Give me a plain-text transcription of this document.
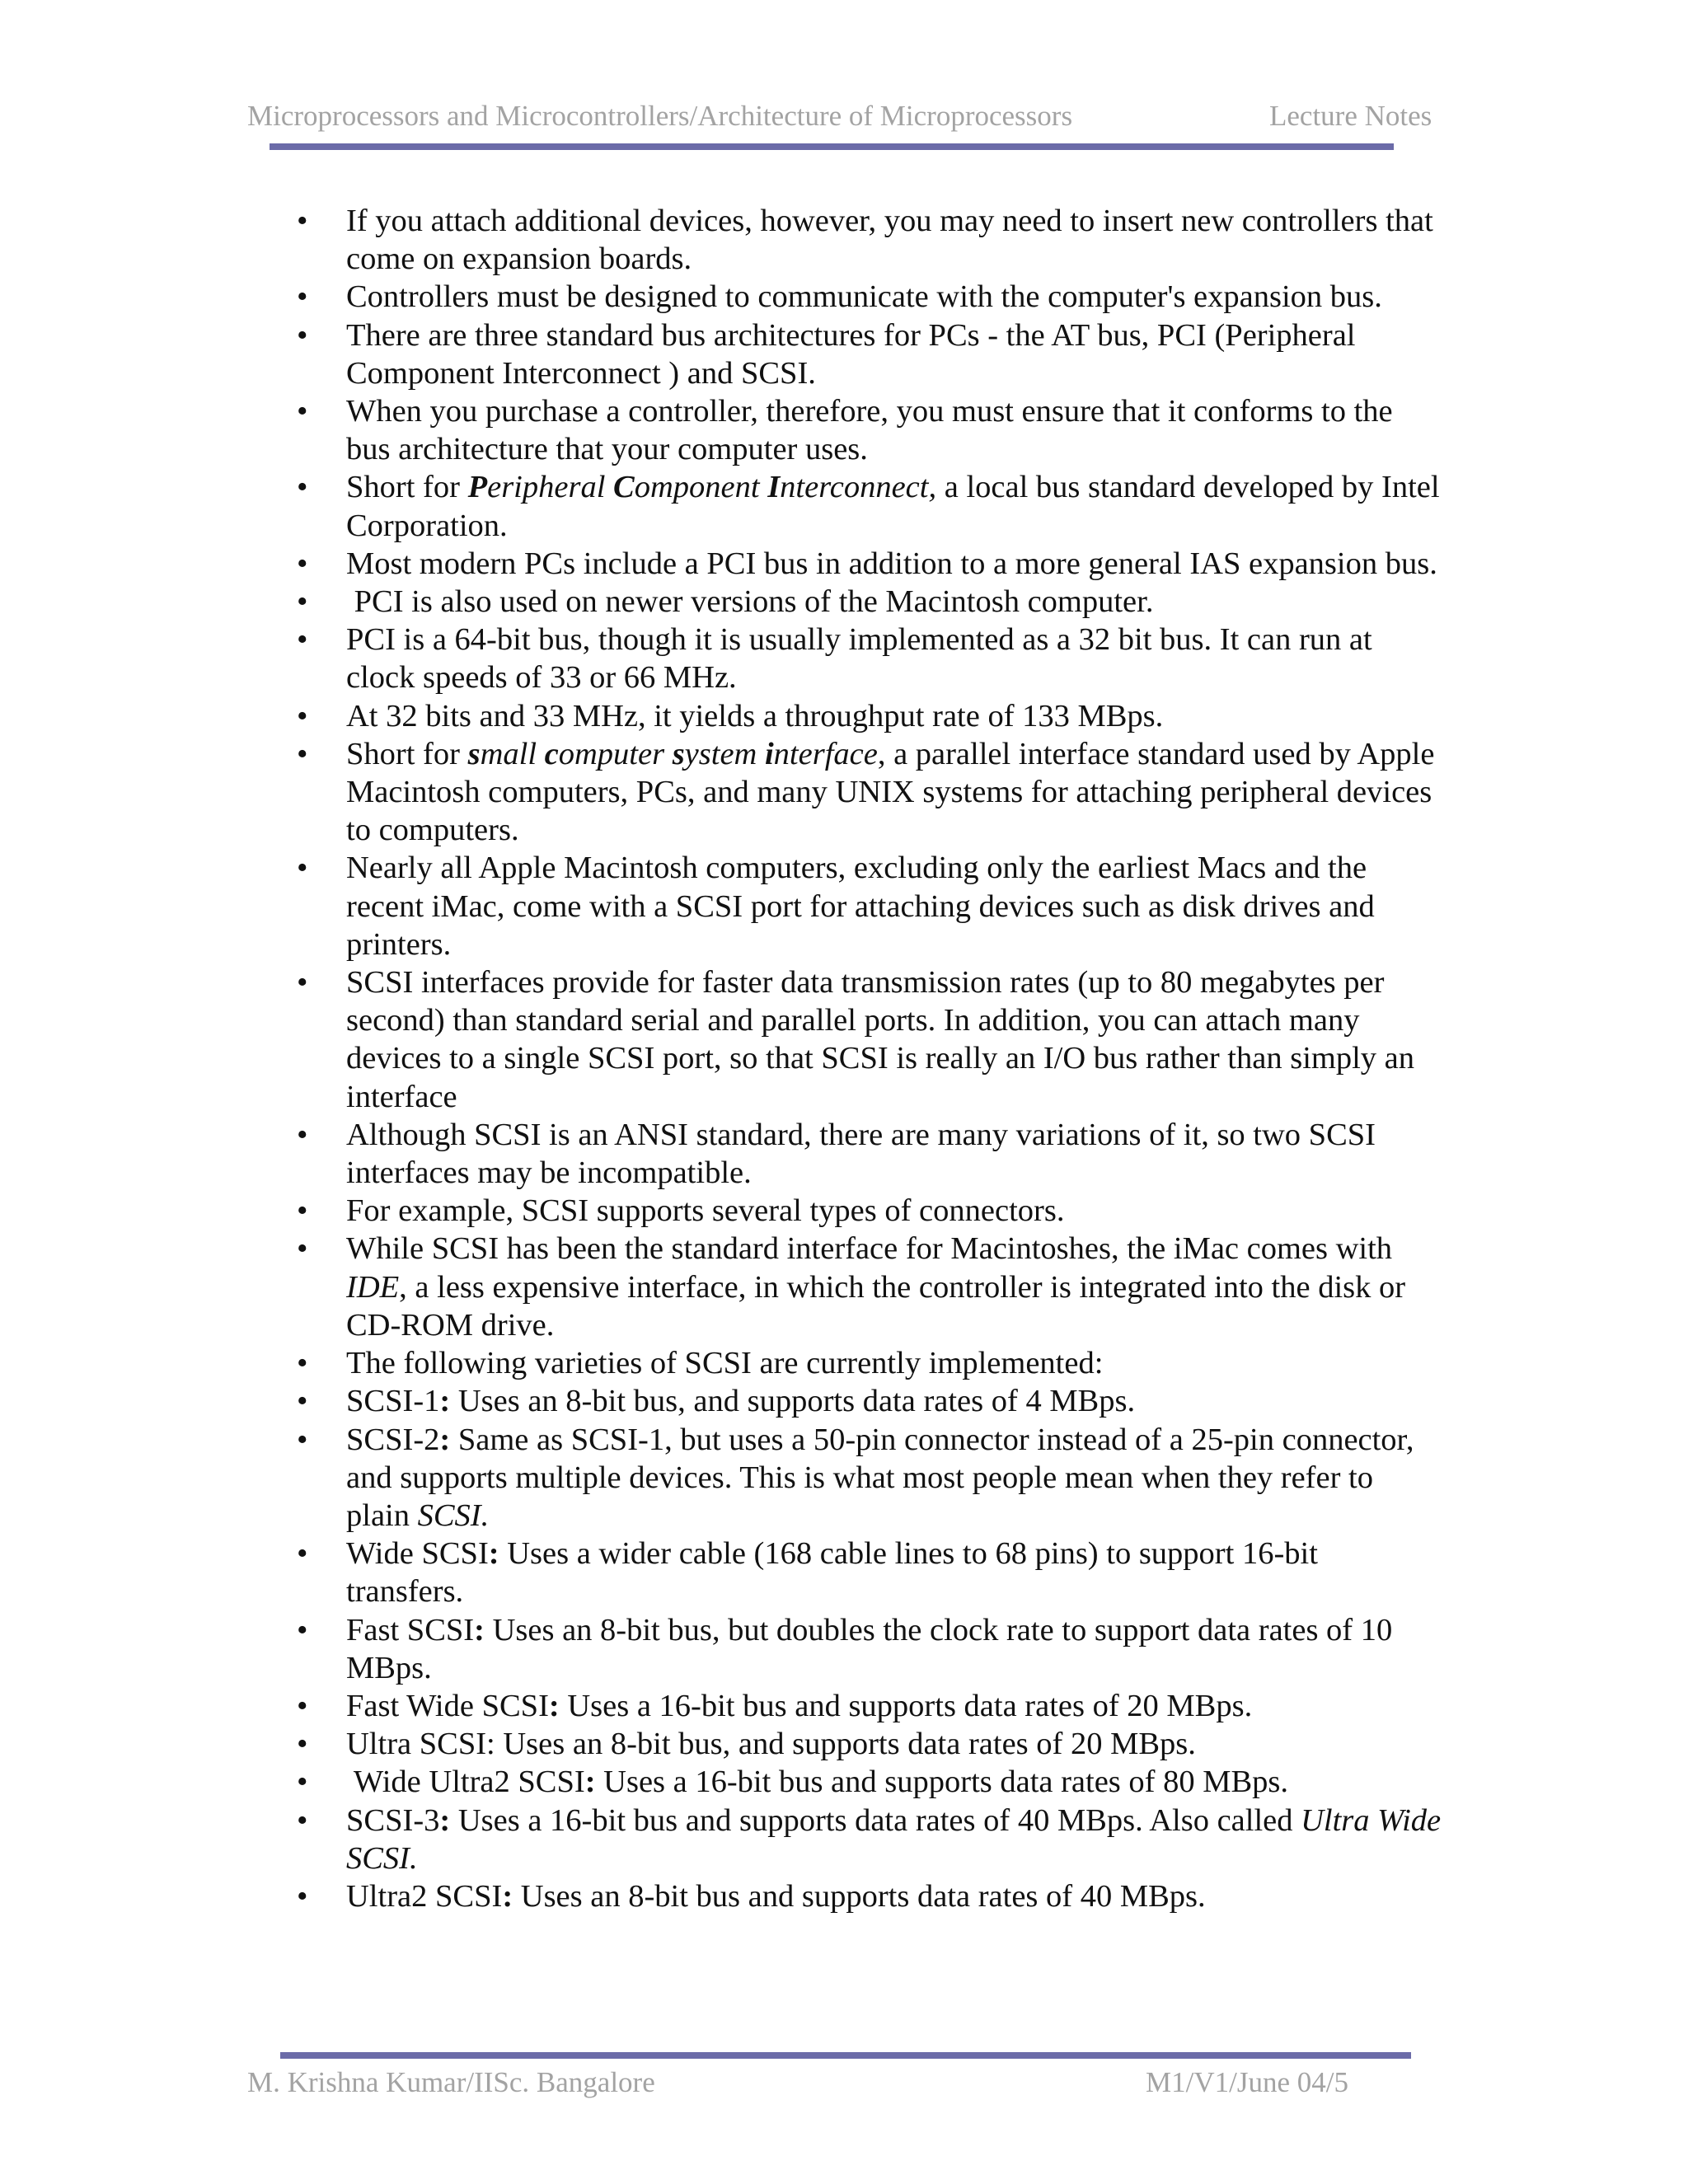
Microprocessors and Microcontrollers/Architecture of Microprocessors	Lecture Notes
• If you attach additional devices, however, you may need to insert new controllers that come on expansion boards.
• Controllers must be designed to communicate with the computer's expansion bus.
• There are three standard bus architectures for PCs - the AT bus, PCI (Peripheral Component Interconnect ) and SCSI.
• When you purchase a controller, therefore, you must ensure that it conforms to the bus architecture that your computer uses.
• Short for Peripheral Component Interconnect, a local bus standard developed by Intel Corporation.
• Most modern PCs include a PCI bus in addition to a more general IAS expansion bus.
• PCI is also used on newer versions of the Macintosh computer.
• PCI is a 64-bit bus, though it is usually implemented as a 32 bit bus. It can run at clock speeds of 33 or 66 MHz.
• At 32 bits and 33 MHz, it yields a throughput rate of 133 MBps.
• Short for small computer system interface, a parallel interface standard used by Apple Macintosh computers, PCs, and many UNIX systems for attaching peripheral devices to computers.
• Nearly all Apple Macintosh computers, excluding only the earliest Macs and the recent iMac, come with a SCSI port for attaching devices such as disk drives and printers.
• SCSI interfaces provide for faster data transmission rates (up to 80 megabytes per second) than standard serial and parallel ports. In addition, you can attach many devices to a single SCSI port, so that SCSI is really an I/O bus rather than simply an interface
• Although SCSI is an ANSI standard, there are many variations of it, so two SCSI interfaces may be incompatible.
• For example, SCSI supports several types of connectors.
• While SCSI has been the standard interface for Macintoshes, the iMac comes with IDE, a less expensive interface, in which the controller is integrated into the disk or CD-ROM drive.
• The following varieties of SCSI are currently implemented:
• SCSI-1: Uses an 8-bit bus, and supports data rates of 4 MBps.
• SCSI-2: Same as SCSI-1, but uses a 50-pin connector instead of a 25-pin connector, and supports multiple devices. This is what most people mean when they refer to plain SCSI.
• Wide SCSI: Uses a wider cable (168 cable lines to 68 pins) to support 16-bit transfers.
• Fast SCSI: Uses an 8-bit bus, but doubles the clock rate to support data rates of 10 MBps.
• Fast Wide SCSI: Uses a 16-bit bus and supports data rates of 20 MBps.
• Ultra SCSI: Uses an 8-bit bus, and supports data rates of 20 MBps.
• Wide Ultra2 SCSI: Uses a 16-bit bus and supports data rates of 80 MBps.
• SCSI-3: Uses a 16-bit bus and supports data rates of 40 MBps. Also called Ultra Wide SCSI.
• Ultra2 SCSI: Uses an 8-bit bus and supports data rates of 40 MBps.
M. Krishna Kumar/IISc. Bangalore	M1/V1/June 04/5
